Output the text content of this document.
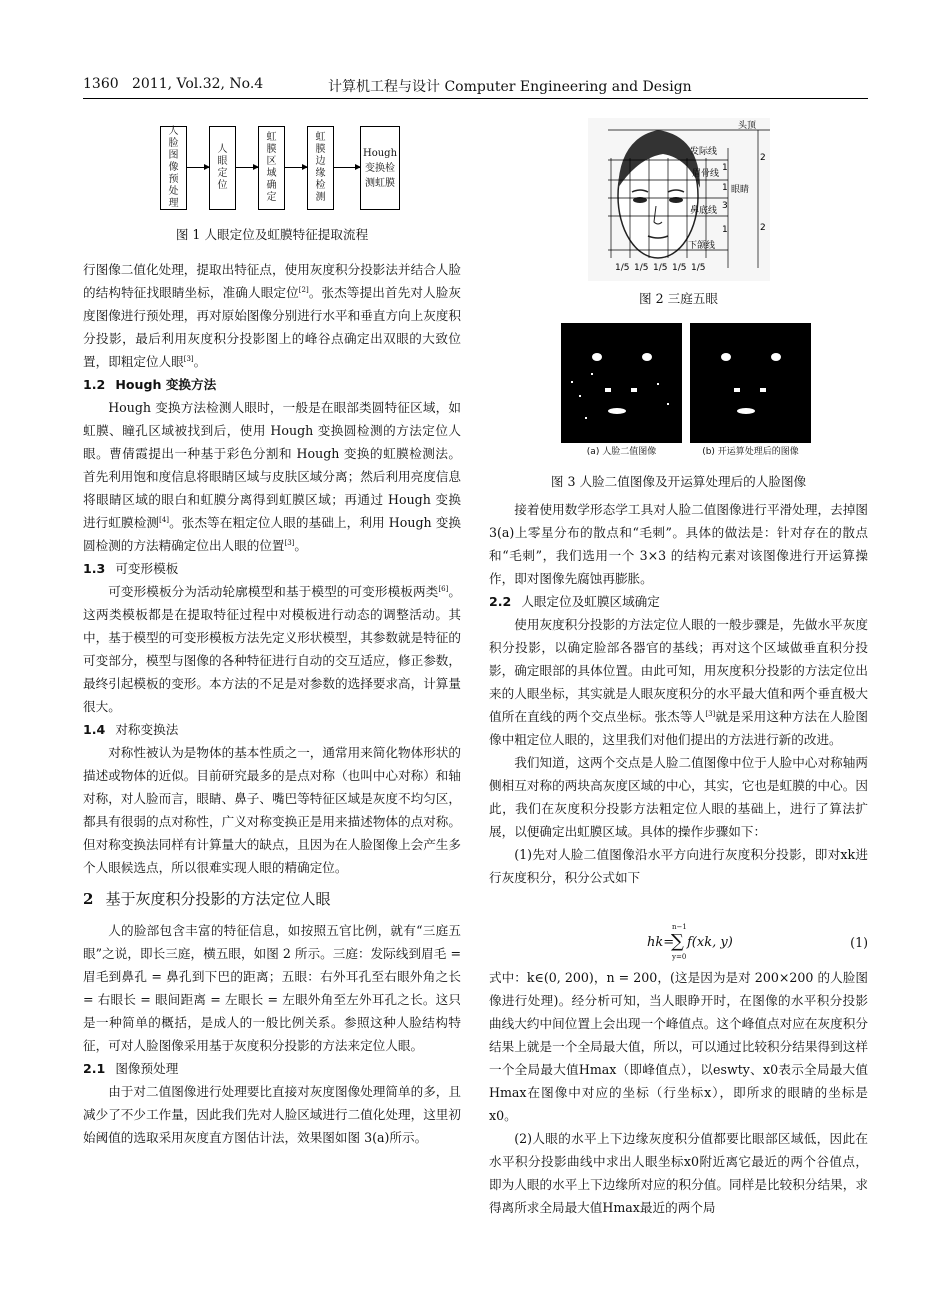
1360   2011, Vol.32, No.4	计算机工程与设计 Computer Engineering and Design
人脸图像预处理
人眼定位
虹膜区域确定
虹膜边缘检测
Hough变换检测虹膜
图 1 人眼定位及虹膜特征提取流程

行图像二值化处理，提取出特征点，使用灰度积分投影法并结合人脸的结构特征找眼睛坐标，准确人眼定位[2]。张杰等提出首先对人脸灰度图像进行预处理，再对原始图像分别进行水平和垂直方向上灰度积分投影，最后利用灰度积分投影图上的峰谷点确定出双眼的大致位置，即粗定位人眼[3]。

1.2 Hough 变换方法

Hough 变换方法检测人眼时，一般是在眼部类圆特征区域，如虹膜、瞳孔区域被找到后，使用 Hough 变换圆检测的方法定位人眼。曹倩霞提出一种基于彩色分割和 Hough 变换的虹膜检测法。首先利用饱和度信息将眼睛区域与皮肤区域分离；然后利用亮度信息将眼睛区域的眼白和虹膜分离得到虹膜区域；再通过 Hough 变换进行虹膜检测[4]。张杰等在粗定位人眼的基础上，利用 Hough 变换圆检测的方法精确定位出人眼的位置[3]。

1.3 可变形模板

可变形模板分为活动轮廓模型和基于模型的可变形模板两类[6]。这两类模板都是在提取特征过程中对模板进行动态的调整活动。其中，基于模型的可变形模板方法先定义形状模型，其参数就是特征的可变部分，模型与图像的各种特征进行自动的交互适应，修正参数，最终引起模板的变形。本方法的不足是对参数的选择要求高，计算量很大。

1.4 对称变换法

对称性被认为是物体的基本性质之一，通常用来简化物体形状的描述或物体的近似。目前研究最多的是点对称（也叫中心对称）和轴对称，对人脸而言，眼睛、鼻子、嘴巴等特征区域是灰度不均匀区，都具有很弱的点对称性，广义对称变换正是用来描述物体的点对称。但对称变换法同样有计算量大的缺点，且因为在人脸图像上会产生多个人眼候选点，所以很难实现人眼的精确定位。

2 基于灰度积分投影的方法定位人眼

人的脸部包含丰富的特征信息，如按照五官比例，就有“三庭五眼”之说，即长三庭，横五眼，如图 2 所示。三庭：发际线到眉毛 = 眉毛到鼻孔 = 鼻孔到下巴的距离；五眼：右外耳孔至右眼外角之长 = 右眼长 = 眼间距离 = 左眼长 = 左眼外角至左外耳孔之长。这只是一种简单的概括，是成人的一般比例关系。参照这种人脸结构特征，可对人脸图像采用基于灰度积分投影的方法来定位人眼。

2.1 图像预处理

由于对二值图像进行处理要比直接对灰度图像处理简单的多，且减少了不少工作量，因此我们先对人脸区域进行二值化处理，这里初始阈值的选取采用灰度直方图估计法，效果图如图 3(a)所示。

头顶
发际线
眉骨线
眼睛
鼻底线
下颌线
1
2
1
3
1	2
1/5 1/5 1/5 1/5 1/5
图 2 三庭五眼
(a) 人脸二值图像	(b) 开运算处理后的图像
图 3 人脸二值图像及开运算处理后的人脸图像

接着使用数学形态学工具对人脸二值图像进行平滑处理，去掉图 3(a)上零星分布的散点和“毛刺”。具体的做法是：针对存在的散点和“毛刺”，我们选用一个 3×3 的结构元素对该图像进行开运算操作，即对图像先腐蚀再膨胀。

2.2 人眼定位及虹膜区域确定

使用灰度积分投影的方法定位人眼的一般步骤是，先做水平灰度积分投影，以确定脸部各器官的基线；再对这个区域做垂直积分投影，确定眼部的具体位置。由此可知，用灰度积分投影的方法定位出来的人眼坐标，其实就是人眼灰度积分的水平最大值和两个垂直极大值所在直线的两个交点坐标。张杰等人[3]就是采用这种方法在人脸图像中粗定位人眼的，这里我们对他们提出的方法进行新的改进。

我们知道，这两个交点是人脸二值图像中位于人脸中心对称轴两侧相互对称的两块高灰度区域的中心，其实，它也是虹膜的中心。因此，我们在灰度积分投影方法粗定位人眼的基础上，进行了算法扩展，以便确定出虹膜区域。具体的操作步骤如下：

(1)先对人脸二值图像沿水平方向进行灰度积分投影，即对xk进行灰度积分，积分公式如下

hk=
n−1
∑
y=0
f(xk, y)	(1)

式中：k∈(0, 200)，n = 200，(这是因为是对 200×200 的人脸图像进行处理)。经分析可知，当人眼睁开时，在图像的水平积分投影曲线大约中间位置上会出现一个峰值点。这个峰值点对应在灰度积分结果上就是一个全局最大值，所以，可以通过比较积分结果得到这样一个全局最大值Hmax（即峰值点），以eswty、x0表示全局最大值Hmax在图像中对应的坐标（行坐标x），即所求的眼睛的坐标是x0。

(2)人眼的水平上下边缘灰度积分值都要比眼部区域低，因此在水平积分投影曲线中求出人眼坐标x0附近离它最近的两个谷值点，即为人眼的水平上下边缘所对应的积分值。同样是比较积分结果，求得离所求全局最大值Hmax最近的两个局
